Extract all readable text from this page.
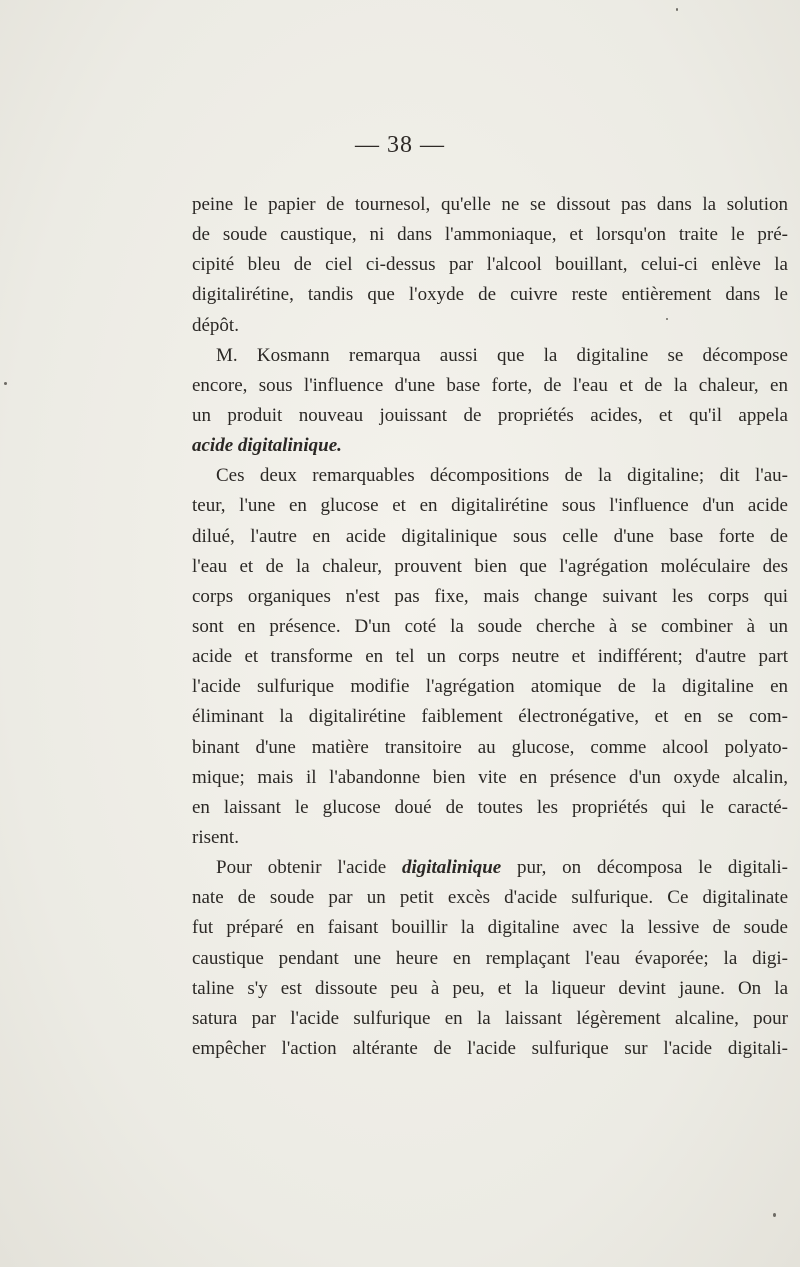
— 38 —
peine le papier de tournesol, qu'elle ne se dissout pas dans la solution
de soude caustique, ni dans l'ammoniaque, et lorsqu'on traite le pré-
cipité bleu de ciel ci-dessus par l'alcool bouillant, celui-ci enlève la
digitalirétine, tandis que l'oxyde de cuivre reste entièrement dans le
dépôt.
M. Kosmann remarqua aussi que la digitaline se décompose
encore, sous l'influence d'une base forte, de l'eau et de la chaleur, en
un produit nouveau jouissant de propriétés acides, et qu'il appela
acide digitalinique.
Ces deux remarquables décompositions de la digitaline; dit l'au-
teur, l'une en glucose et en digitalirétine sous l'influence d'un acide
dilué, l'autre en acide digitalinique sous celle d'une base forte de
l'eau et de la chaleur, prouvent bien que l'agrégation moléculaire des
corps organiques n'est pas fixe, mais change suivant les corps qui
sont en présence. D'un coté la soude cherche à se combiner à un
acide et transforme en tel un corps neutre et indifférent; d'autre part
l'acide sulfurique modifie l'agrégation atomique de la digitaline en
éliminant la digitalirétine faiblement électronégative, et en se com-
binant d'une matière transitoire au glucose, comme alcool polyato-
mique; mais il l'abandonne bien vite en présence d'un oxyde alcalin,
en laissant le glucose doué de toutes les propriétés qui le caracté-
risent.
Pour obtenir l'acide digitalinique pur, on décomposa le digitali-
nate de soude par un petit excès d'acide sulfurique. Ce digitalinate
fut préparé en faisant bouillir la digitaline avec la lessive de soude
caustique pendant une heure en remplaçant l'eau évaporée; la digi-
taline s'y est dissoute peu à peu, et la liqueur devint jaune. On la
satura par l'acide sulfurique en la laissant légèrement alcaline, pour
empêcher l'action altérante de l'acide sulfurique sur l'acide digitali-
